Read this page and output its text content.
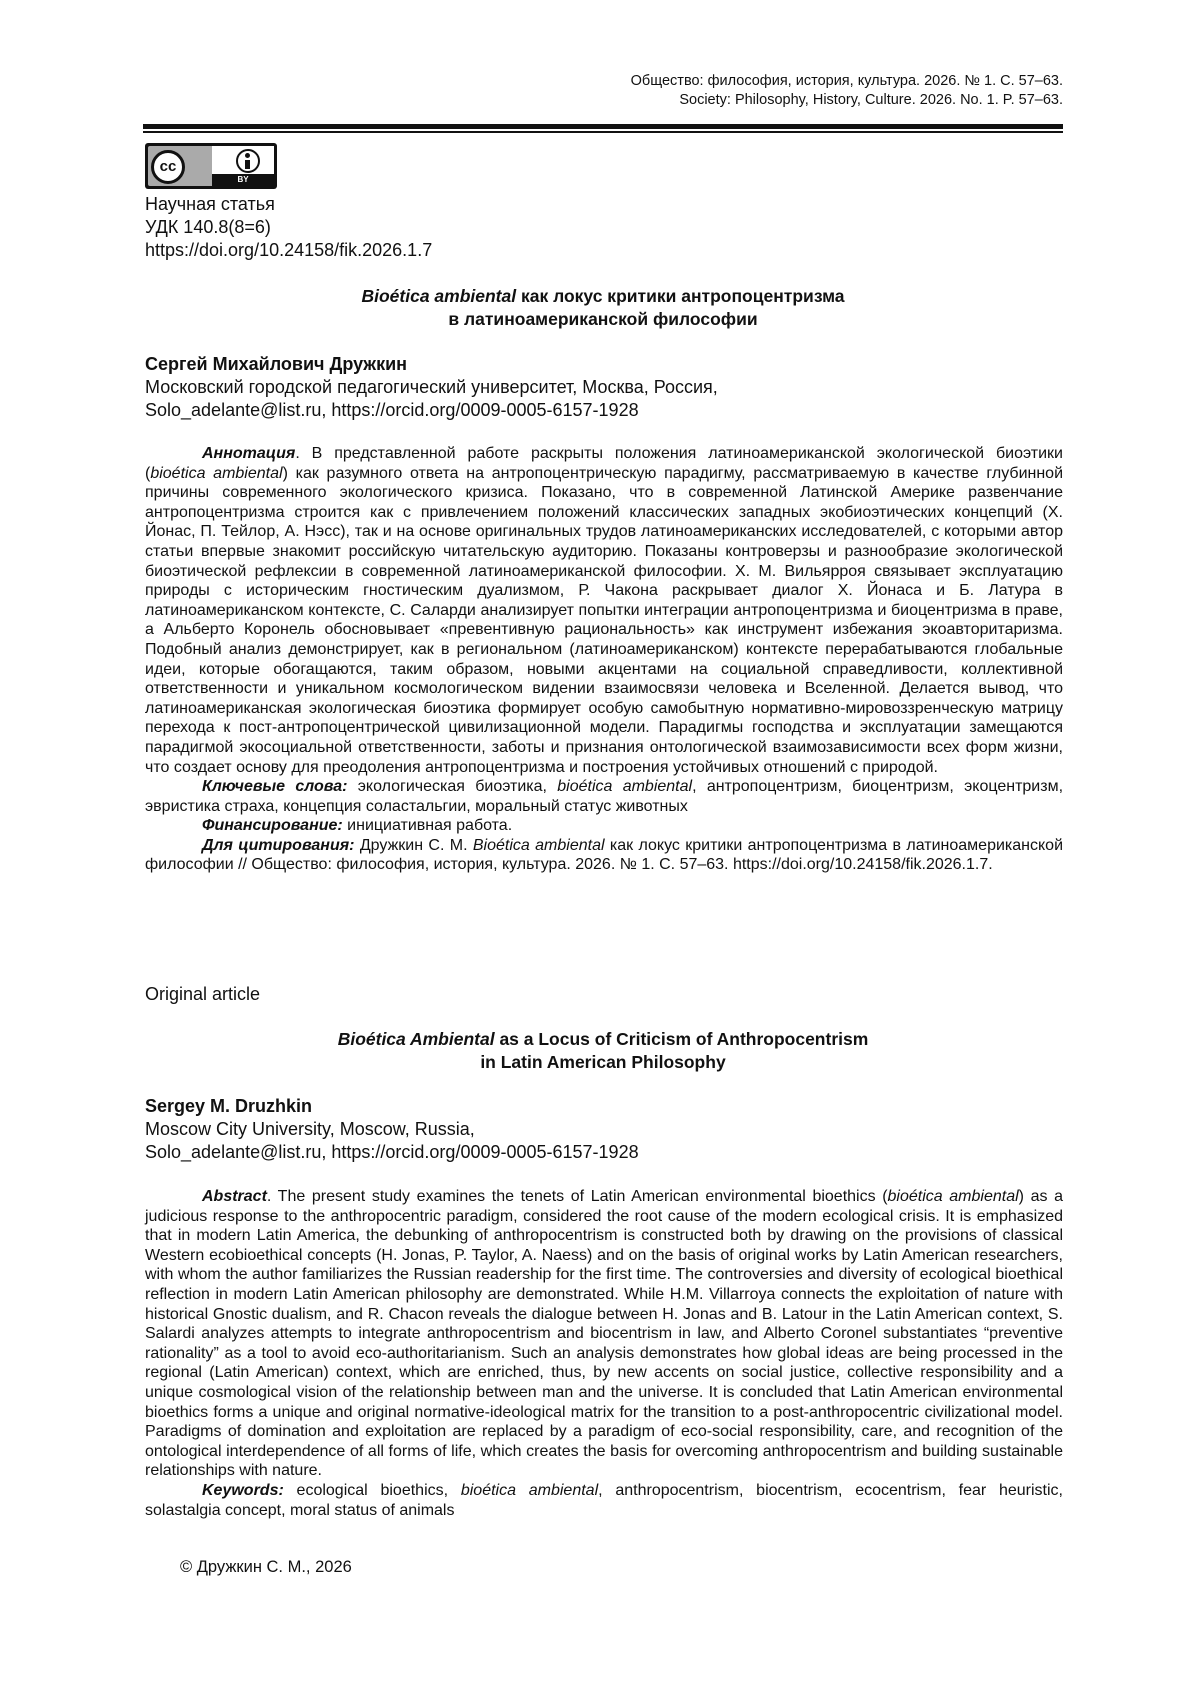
Общество: философия, история, культура. 2026. № 1. С. 57–63.
Society: Philosophy, History, Culture. 2026. No. 1. P. 57–63.
cc
BY
Научная статья
УДК 140.8(8=6)
https://doi.org/10.24158/fik.2026.1.7
Bioética ambiental как локус критики антропоцентризма
в латиноамериканской философии
Сергей Михайлович Дружкин
Московский городской педагогический университет, Москва, Россия,
Solo_adelante@list.ru, https://orcid.org/0009-0005-6157-1928

Аннотация. В представленной работе раскрыты положения латиноамериканской экологической биоэтики (bioética ambiental) как разумного ответа на антропоцентрическую парадигму, рассматриваемую в качестве глубинной причины современного экологического кризиса. Показано, что в современной Латинской Америке развенчание антропоцентризма строится как с привлечением положений классических западных экобиоэтических концепций (Х. Йонас, П. Тейлор, А. Нэсс), так и на основе оригинальных трудов латиноамериканских исследователей, с которыми автор статьи впервые знакомит российскую читательскую аудиторию. Показаны контроверзы и разнообразие экологической биоэтической рефлексии в современной латиноамериканской философии. Х. М. Вильярроя связывает эксплуатацию природы с историческим гностическим дуализмом, Р. Чакона раскрывает диалог Х. Йонаса и Б. Латура в латиноамериканском контексте, С. Саларди анализирует попытки интеграции антропоцентризма и биоцентризма в праве, а Альберто Коронель обосновывает «превентивную рациональность» как инструмент избежания экоавторитаризма. Подобный анализ демонстрирует, как в региональном (латиноамериканском) контексте перерабатываются глобальные идеи, которые обогащаются, таким образом, новыми акцентами на социальной справедливости, коллективной ответственности и уникальном космологическом видении взаимосвязи человека и Вселенной. Делается вывод, что латиноамериканская экологическая биоэтика формирует особую самобытную нормативно-мировоззренческую матрицу перехода к пост-антропоцентрической цивилизационной модели. Парадигмы господства и эксплуатации замещаются парадигмой экосоциальной ответственности, заботы и признания онтологической взаимозависимости всех форм жизни, что создает основу для преодоления антропоцентризма и построения устойчивых отношений с природой.

Ключевые слова: экологическая биоэтика, bioética ambiental, антропоцентризм, биоцентризм, экоцентризм, эвристика страха, концепция соластальгии, моральный статус животных

Финансирование: инициативная работа.

Для цитирования: Дружкин С. М. Bioética ambiental как локус критики антропоцентризма в латиноамериканской философии // Общество: философия, история, культура. 2026. № 1. С. 57–63. https://doi.org/10.24158/fik.2026.1.7.

Original article
Bioética Ambiental as a Locus of Criticism of Anthropocentrism
in Latin American Philosophy
Sergey M. Druzhkin
Moscow City University, Moscow, Russia,
Solo_adelante@list.ru, https://orcid.org/0009-0005-6157-1928

Abstract. The present study examines the tenets of Latin American environmental bioethics (bioética ambiental) as a judicious response to the anthropocentric paradigm, considered the root cause of the modern ecological crisis. It is emphasized that in modern Latin America, the debunking of anthropocentrism is constructed both by drawing on the provisions of classical Western ecobioethical concepts (H. Jonas, P. Taylor, A. Naess) and on the basis of original works by Latin American researchers, with whom the author familiarizes the Russian readership for the first time. The controversies and diversity of ecological bioethical reflection in modern Latin American philosophy are demonstrated. While H.M. Villarroya connects the exploitation of nature with historical Gnostic dualism, and R. Chacon reveals the dialogue between H. Jonas and B. Latour in the Latin American context, S. Salardi analyzes attempts to integrate anthropocentrism and biocentrism in law, and Alberto Coronel substantiates “preventive rationality” as a tool to avoid eco-authoritarianism. Such an analysis demonstrates how global ideas are being processed in the regional (Latin American) context, which are enriched, thus, by new accents on social justice, collective responsibility and a unique cosmological vision of the relationship between man and the universe. It is concluded that Latin American environmental bioethics forms a unique and original normative-ideological matrix for the transition to a post-anthropocentric civilizational model. Paradigms of domination and exploitation are replaced by a paradigm of eco-social responsibility, care, and recognition of the ontological interdependence of all forms of life, which creates the basis for overcoming anthropocentrism and building sustainable relationships with nature.

Keywords: ecological bioethics, bioética ambiental, anthropocentrism, biocentrism, ecocentrism, fear heuristic, solastalgia concept, moral status of animals

© Дружкин С. М., 2026
